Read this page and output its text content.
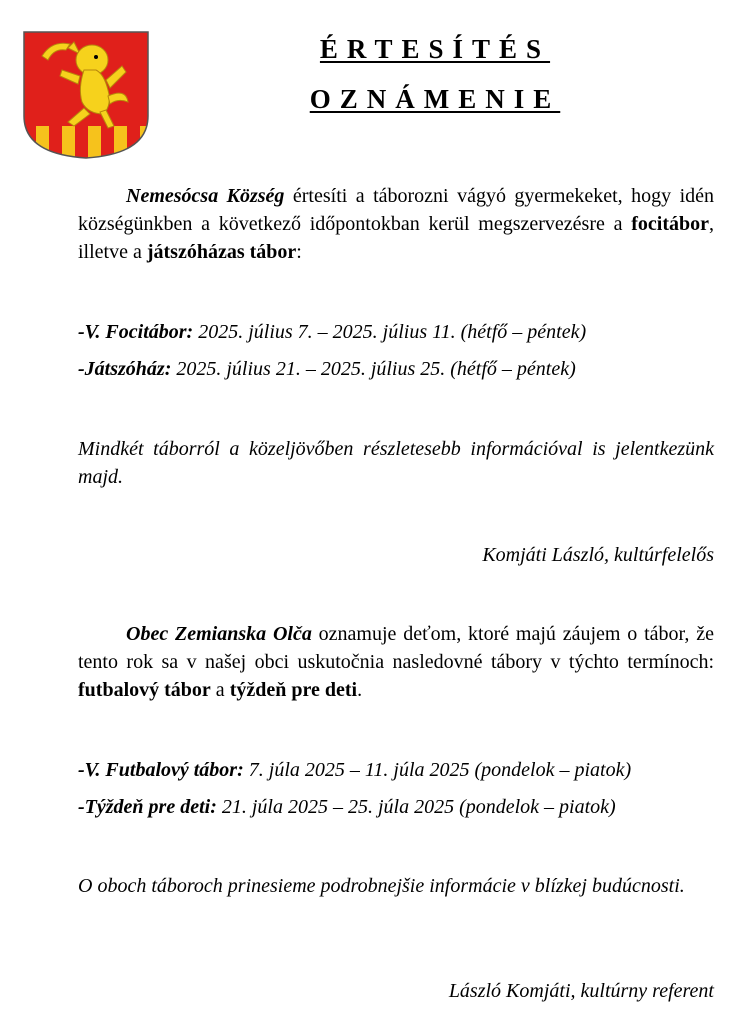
ÉRTESÍTÉS
OZNÁMENIE
Nemesócsa Község értesíti a táborozni vágyó gyermekeket, hogy idén községünkben a következő időpontokban kerül megszervezésre a focitábor, illetve a játszóházas tábor:
-V. Focitábor: 2025. július 7. – 2025. július 11. (hétfő – péntek)
-Játszóház: 2025. július 21. – 2025. július 25. (hétfő – péntek)
Mindkét táborról a közeljövőben részletesebb információval is jelentkezünk majd.
Komjáti László, kultúrfelelős
Obec Zemianska Olča oznamuje deťom, ktoré majú záujem o tábor, že tento rok sa v našej obci uskutočnia nasledovné tábory v týchto termínoch: futbalový tábor a týždeň pre deti.
-V. Futbalový tábor: 7. júla 2025 – 11. júla 2025 (pondelok – piatok)
-Týždeň pre deti: 21. júla 2025 – 25. júla 2025 (pondelok – piatok)
O oboch táboroch prinesieme podrobnejšie informácie v blízkej budúcnosti.
László Komjáti, kultúrny referent
